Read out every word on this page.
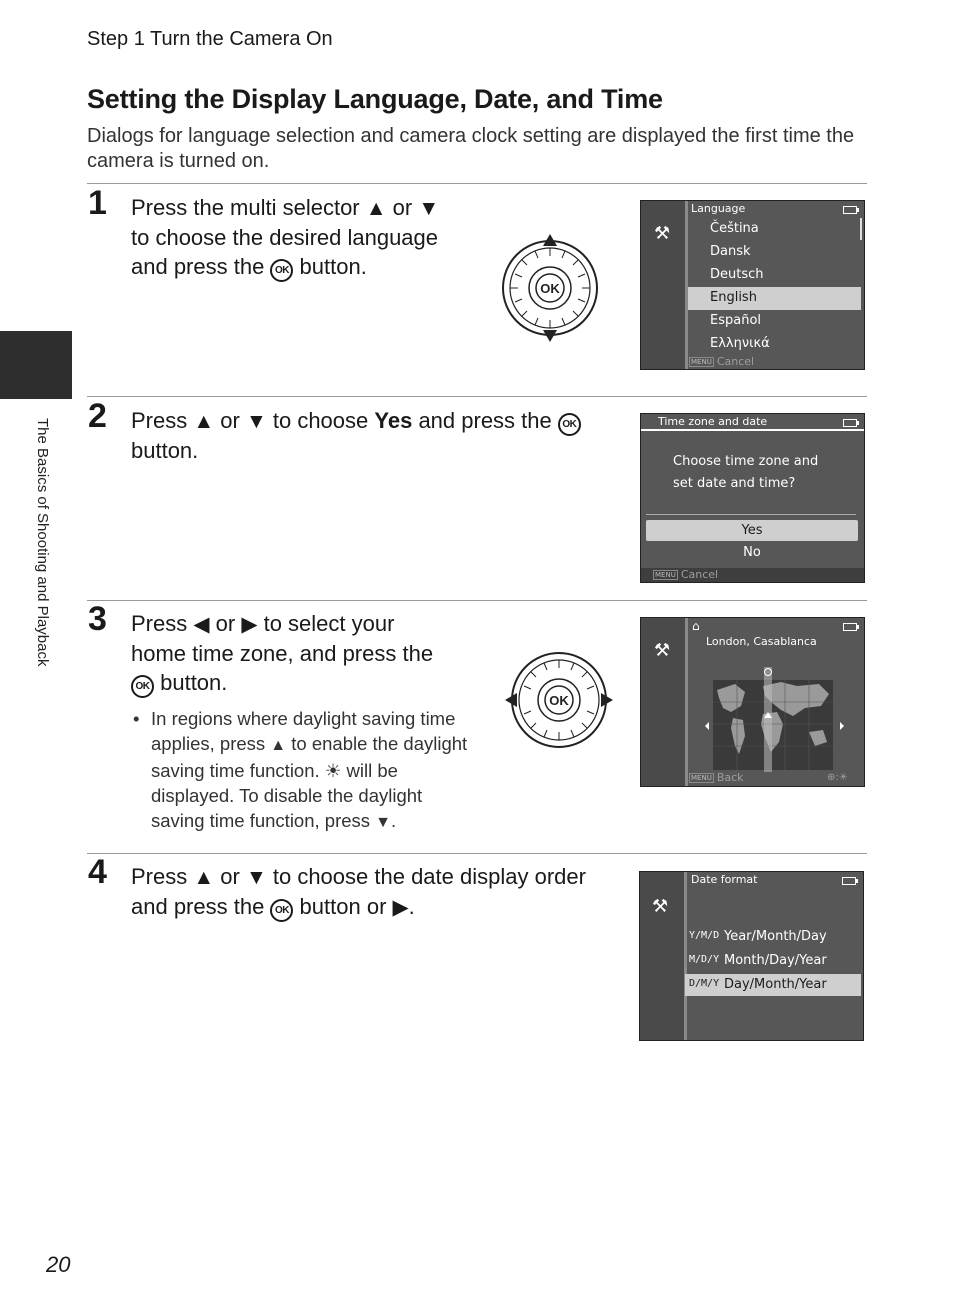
Step 1 Turn the Camera On
Setting the Display Language, Date, and Time
Dialogs for language selection and camera clock setting are displayed the first time the camera is turned on.
The Basics of Shooting and Playback
1 Press the multi selector ▲ or ▼
to choose the desired language
and press the OK button.
OK
⚒
Language
Čeština
Dansk
Deutsch
English
Español
Ελληνικά
MENU Cancel
2 Press ▲ or ▼ to choose Yes and press the OK
button.
Time zone and date
Choose time zone and
set date and time?
Yes
No
MENU Cancel
3 Press ◀ or ▶ to select your
home time zone, and press the
OK button.
• In regions where daylight saving time applies, press ▲ to enable the daylight saving time function. ☀ will be displayed. To disable the daylight saving time function, press ▼.
OK
⚒
⌂
London, Casablanca
MENU Back	⊕:☀
4 Press ▲ or ▼ to choose the date display order
and press the OK button or ▶.	⚒
Date format
Y/M/D Year/Month/Day
M/D/Y Month/Day/Year
D/M/Y Day/Month/Year
20
